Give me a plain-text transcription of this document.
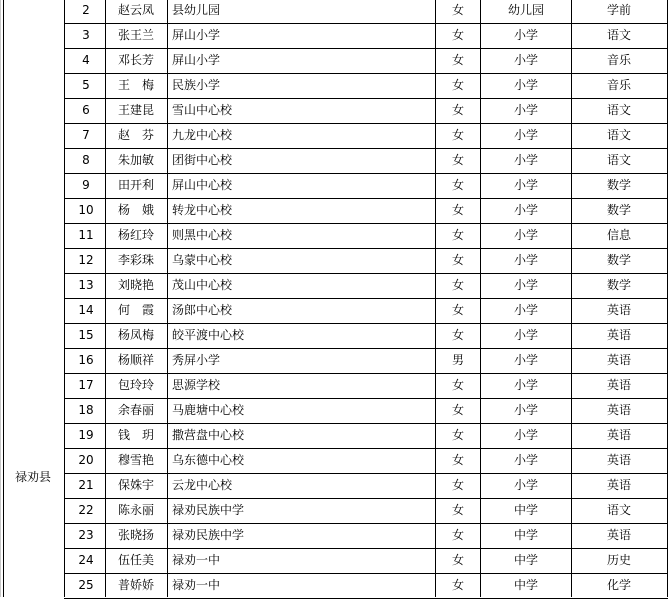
禄劝县
2	赵云凤	县幼儿园	女	幼儿园	学前
3	张王兰	屏山小学	女	小学	语文
4	邓长芳	屏山小学	女	小学	音乐
5	王　梅	民族小学	女	小学	音乐
6	王建昆	雪山中心校	女	小学	语文
7	赵　芬	九龙中心校	女	小学	语文
8	朱加敏	团街中心校	女	小学	语文
9	田开利	屏山中心校	女	小学	数学
10	杨　娥	转龙中心校	女	小学	数学
11	杨红玲	则黑中心校	女	小学	信息
12	李彩珠	乌蒙中心校	女	小学	数学
13	刘晓艳	茂山中心校	女	小学	数学
14	何　霞	汤郎中心校	女	小学	英语
15	杨凤梅	皎平渡中心校	女	小学	英语
16	杨顺祥	秀屏小学	男	小学	英语
17	包玲玲	思源学校	女	小学	英语
18	余春丽	马鹿塘中心校	女	小学	英语
19	钱　玥	撒营盘中心校	女	小学	英语
20	穆雪艳	乌东德中心校	女	小学	英语
21	保姝宇	云龙中心校	女	小学	英语
22	陈永丽	禄劝民族中学	女	中学	语文
23	张晓扬	禄劝民族中学	女	中学	英语
24	伍任美	禄劝一中	女	中学	历史
25	普娇娇	禄劝一中	女	中学	化学
